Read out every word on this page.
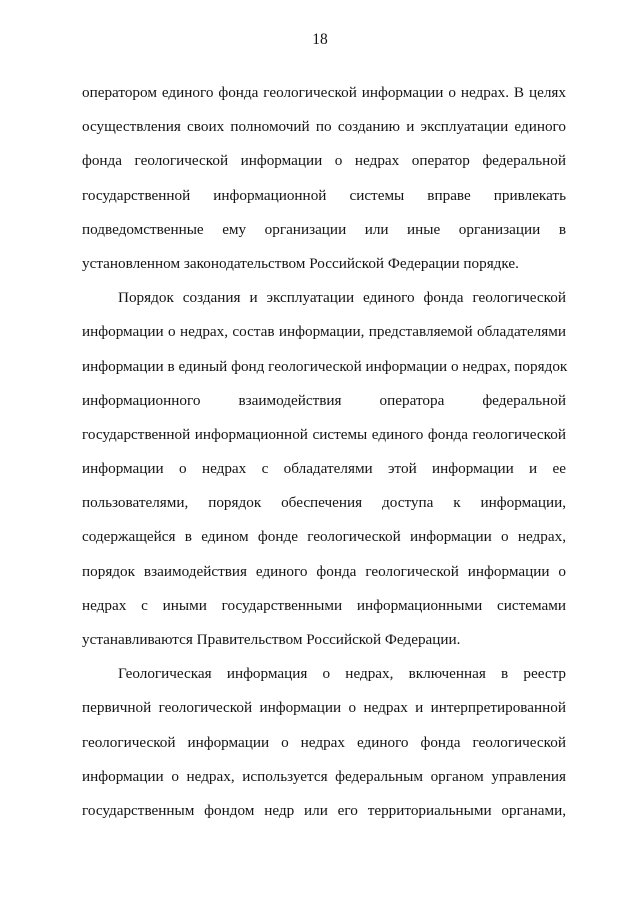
18
оператором единого фонда геологической информации о недрах. В целях
осуществления своих полномочий по созданию и эксплуатации единого
фонда геологической информации о недрах оператор федеральной
государственной информационной системы вправе привлекать
подведомственные ему организации или иные организации в
установленном законодательством Российской Федерации порядке.
Порядок создания и эксплуатации единого фонда геологической
информации о недрах, состав информации, представляемой обладателями
информации в единый фонд геологической информации о недрах, порядок
информационного взаимодействия оператора федеральной
государственной информационной системы единого фонда геологической
информации о недрах с обладателями этой информации и ее
пользователями, порядок обеспечения доступа к информации,
содержащейся в едином фонде геологической информации о недрах,
порядок взаимодействия единого фонда геологической информации о
недрах с иными государственными информационными системами
устанавливаются Правительством Российской Федерации.
Геологическая информация о недрах, включенная в реестр
первичной геологической информации о недрах и интерпретированной
геологической информации о недрах единого фонда геологической
информации о недрах, используется федеральным органом управления
государственным фондом недр или его территориальными органами,
